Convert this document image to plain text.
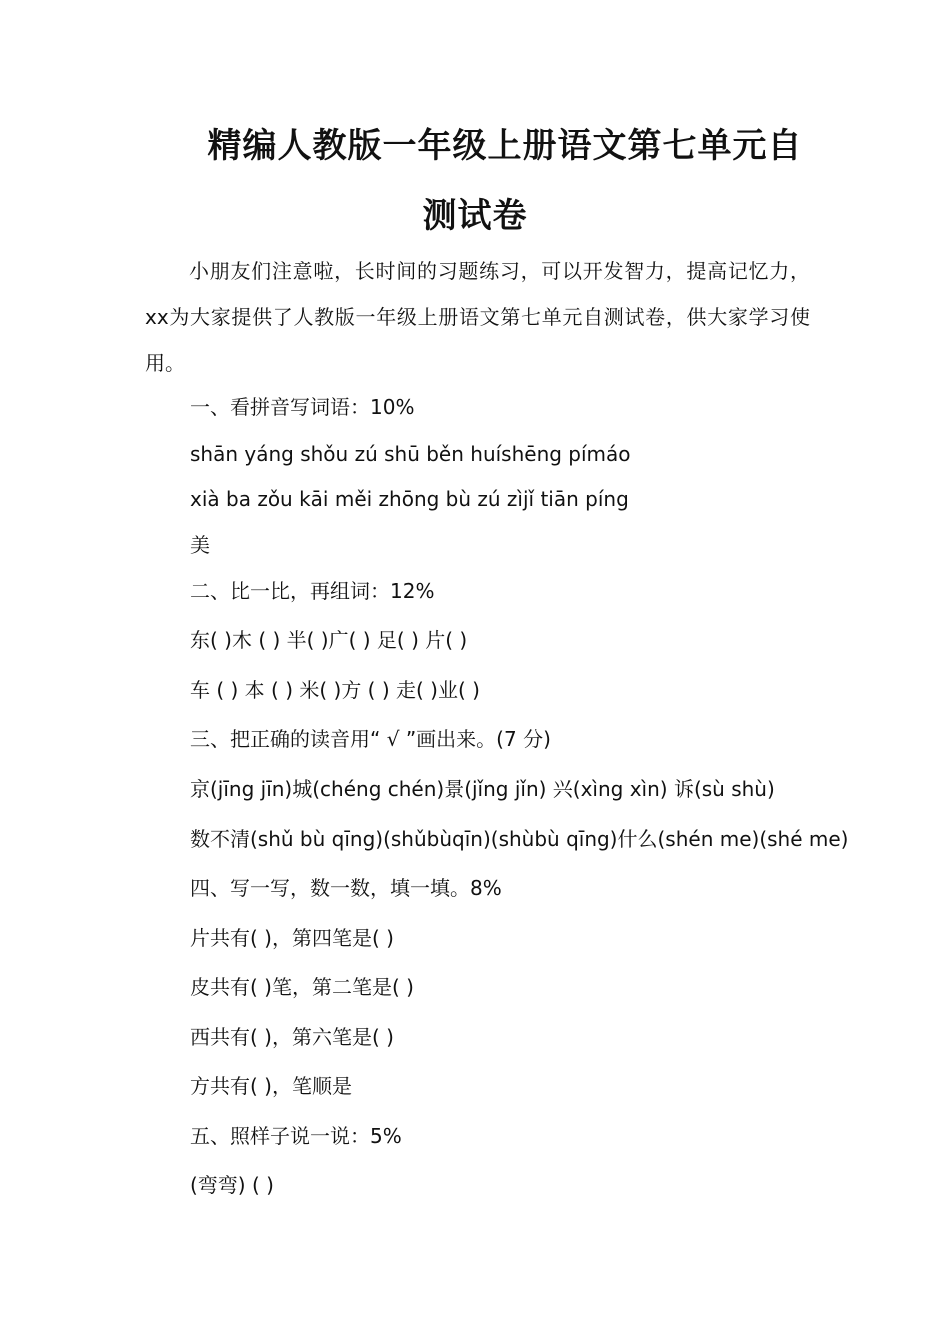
精编人教版一年级上册语文第七单元自
测试卷

小朋友们注意啦，长时间的习题练习，可以开发智力，提高记忆力，xx为大家提供了人教版一年级上册语文第七单元自测试卷，供大家学习使用。

一、看拼音写词语：10%

shān yáng shǒu zú shū běn huíshēng pímáo

xià ba zǒu kāi měi zhōng bù zú zìjǐ tiān píng

美

二、比一比，再组词：12%

东( )木 ( ) 半( )广( ) 足( ) 片( )

车 ( ) 本 ( ) 米( )方 ( ) 走( )业( )

三、把正确的读音用“ √ ”画出来。(7 分)

京(jīng jīn)城(chéng chén)景(jǐng jǐn) 兴(xìng xìn) 诉(sù shù)

数不清(shǔ bù qīng)(shǔbùqīn)(shùbù qīng)什么(shén me)(shé me)

四、写一写，数一数，填一填。8%

片共有( )，第四笔是( )

皮共有( )笔，第二笔是( )

西共有( )，第六笔是( )

方共有( )，笔顺是

五、照样子说一说：5%

(弯弯) ( )
